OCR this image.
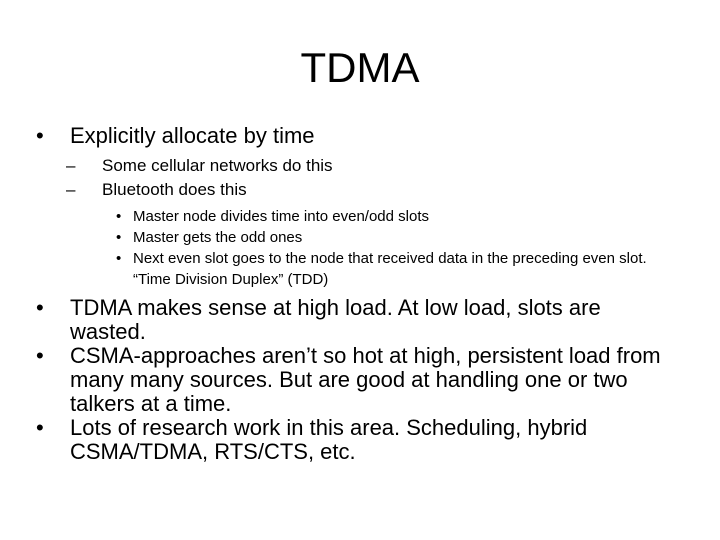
TDMA
• Explicitly allocate by time
– Some cellular networks do this
– Bluetooth does this
• Master node divides time into even/odd slots
• Master gets the odd ones
• Next even slot goes to the node that received data in the preceding even slot. “Time Division Duplex” (TDD)
• TDMA makes sense at high load. At low load, slots are wasted.
• CSMA-approaches aren’t so hot at high, persistent load from many many sources. But are good at handling one or two talkers at a time.
• Lots of research work in this area. Scheduling, hybrid CSMA/TDMA, RTS/CTS, etc.
